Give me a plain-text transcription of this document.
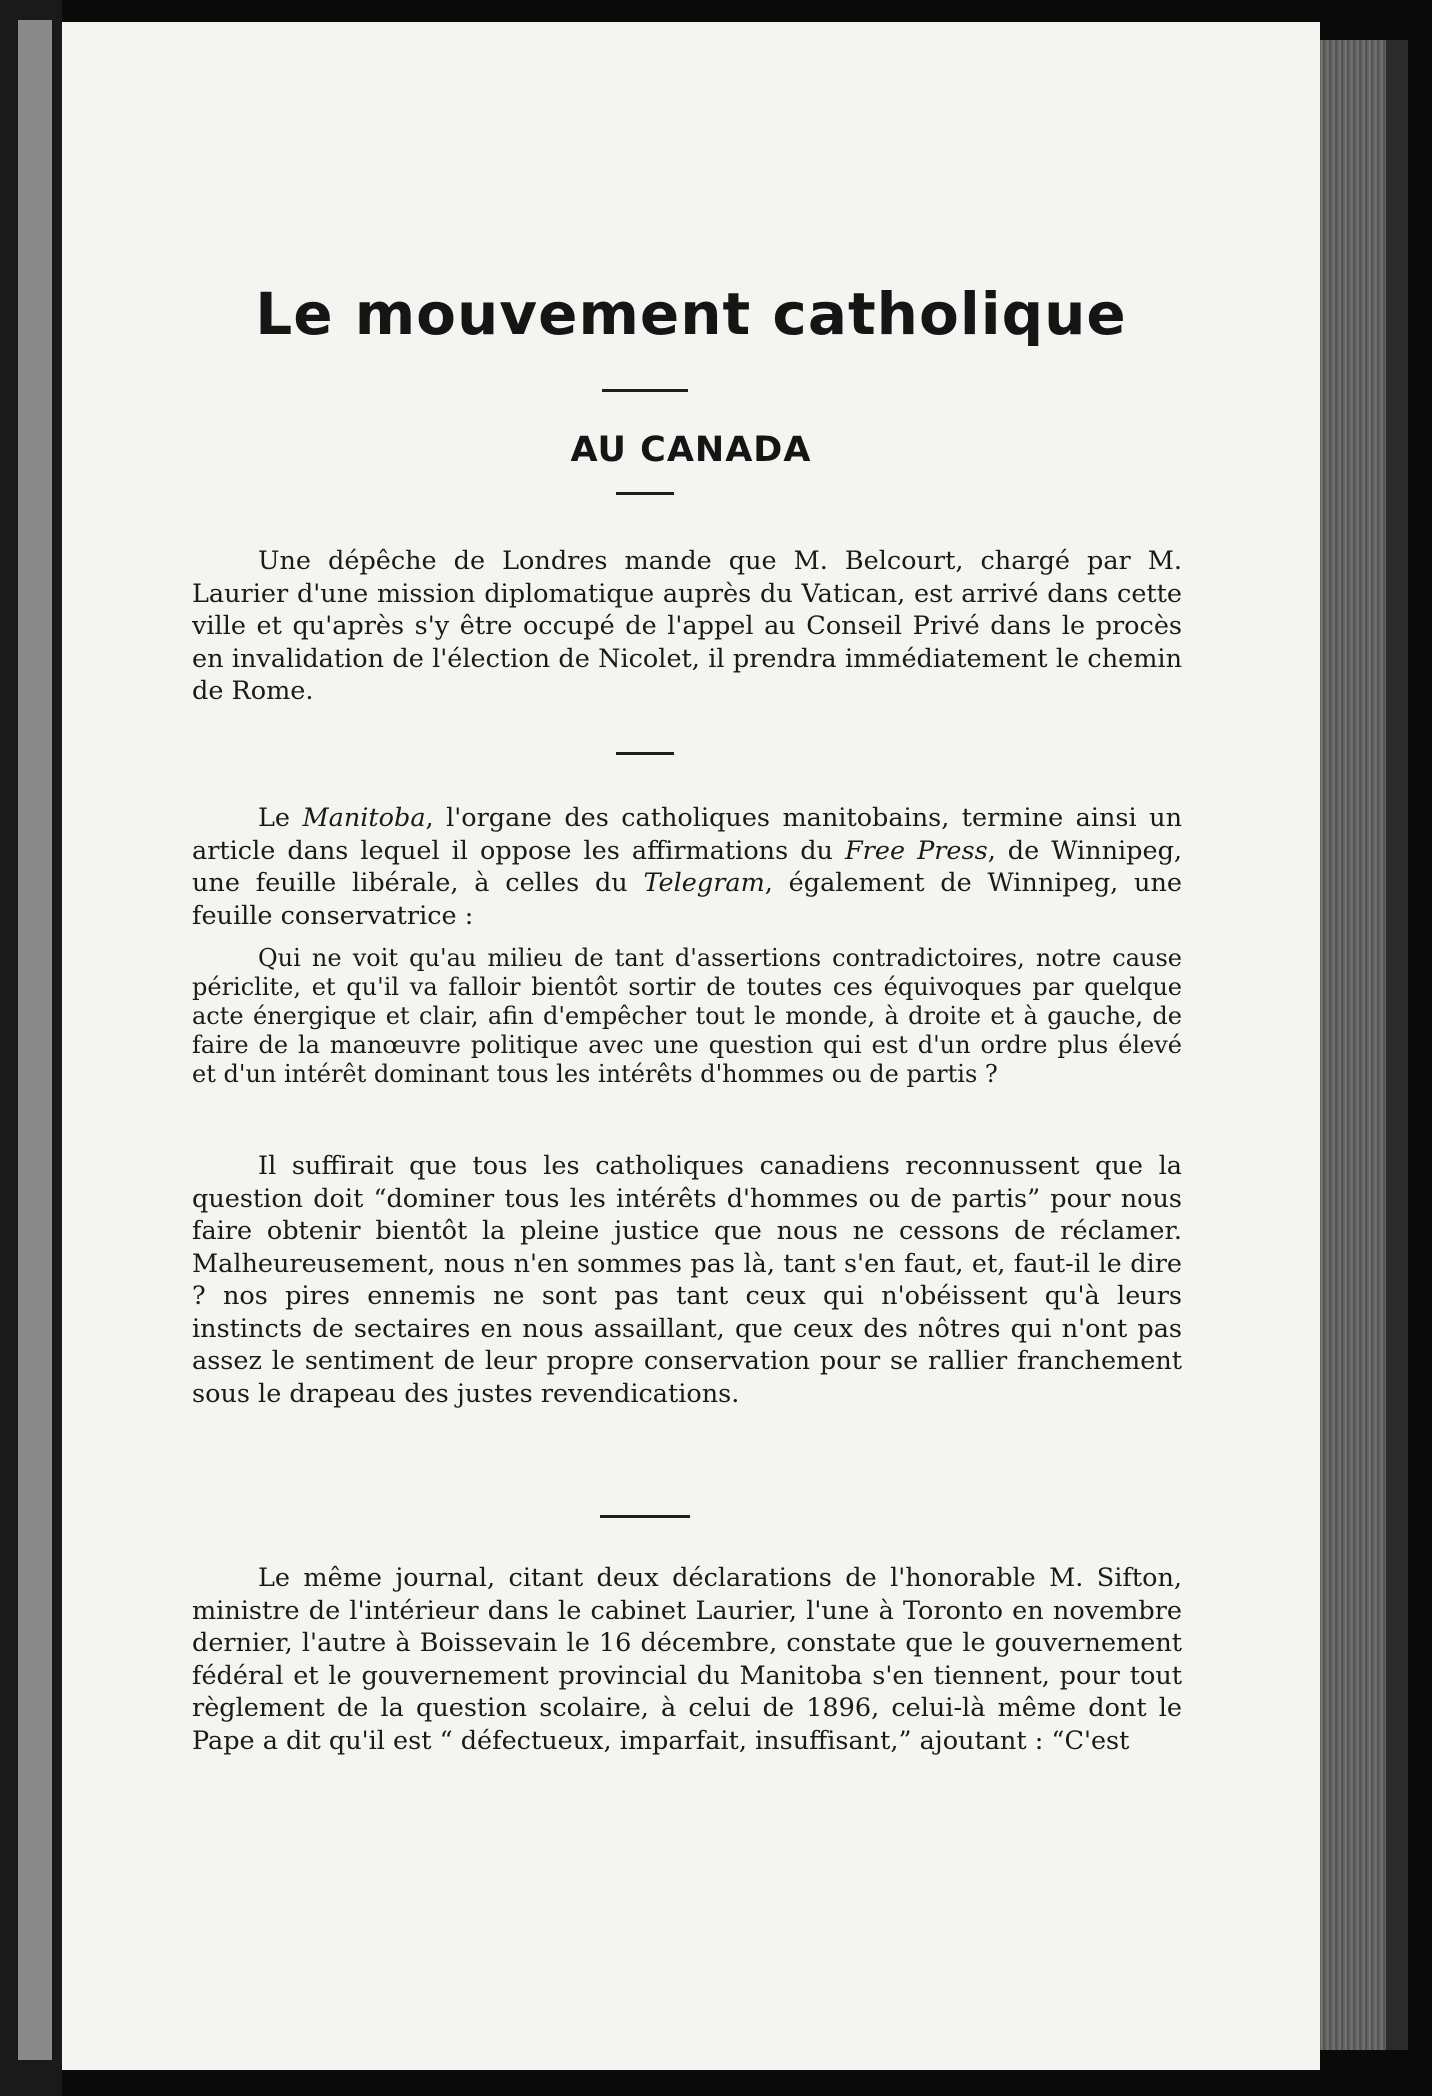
Le mouvement catholique
AU CANADA

Une dépêche de Londres mande que M. Belcourt, chargé par M. Laurier d'une mission diplomatique auprès du Vatican, est arrivé dans cette ville et qu'après s'y être occupé de l'appel au Conseil Privé dans le procès en invalidation de l'élection de Nicolet, il prendra immédiatement le chemin de Rome.

Le Manitoba, l'organe des catholiques manitobains, termine ainsi un article dans lequel il oppose les affirmations du Free Press, de Winnipeg, une feuille libérale, à celles du Telegram, également de Winnipeg, une feuille conservatrice :

Qui ne voit qu'au milieu de tant d'assertions contradictoires, notre cause périclite, et qu'il va falloir bientôt sortir de toutes ces équivoques par quelque acte énergique et clair, afin d'empêcher tout le monde, à droite et à gauche, de faire de la manœuvre politique avec une question qui est d'un ordre plus élevé et d'un intérêt dominant tous les intérêts d'hommes ou de partis ?

Il suffirait que tous les catholiques canadiens reconnussent que la question doit “dominer tous les intérêts d'hommes ou de partis” pour nous faire obtenir bientôt la pleine justice que nous ne cessons de réclamer. Malheureusement, nous n'en sommes pas là, tant s'en faut, et, faut-il le dire ? nos pires ennemis ne sont pas tant ceux qui n'obéissent qu'à leurs instincts de sectaires en nous assaillant, que ceux des nôtres qui n'ont pas assez le sentiment de leur propre conservation pour se rallier franchement sous le drapeau des justes revendications.

Le même journal, citant deux déclarations de l'honorable M. Sifton, ministre de l'intérieur dans le cabinet Laurier, l'une à Toronto en novembre dernier, l'autre à Boissevain le 16 décembre, constate que le gouvernement fédéral et le gouvernement provincial du Manitoba s'en tiennent, pour tout règlement de la question scolaire, à celui de 1896, celui-là même dont le Pape a dit qu'il est “ défectueux, imparfait, insuffisant,” ajoutant : “C'est
